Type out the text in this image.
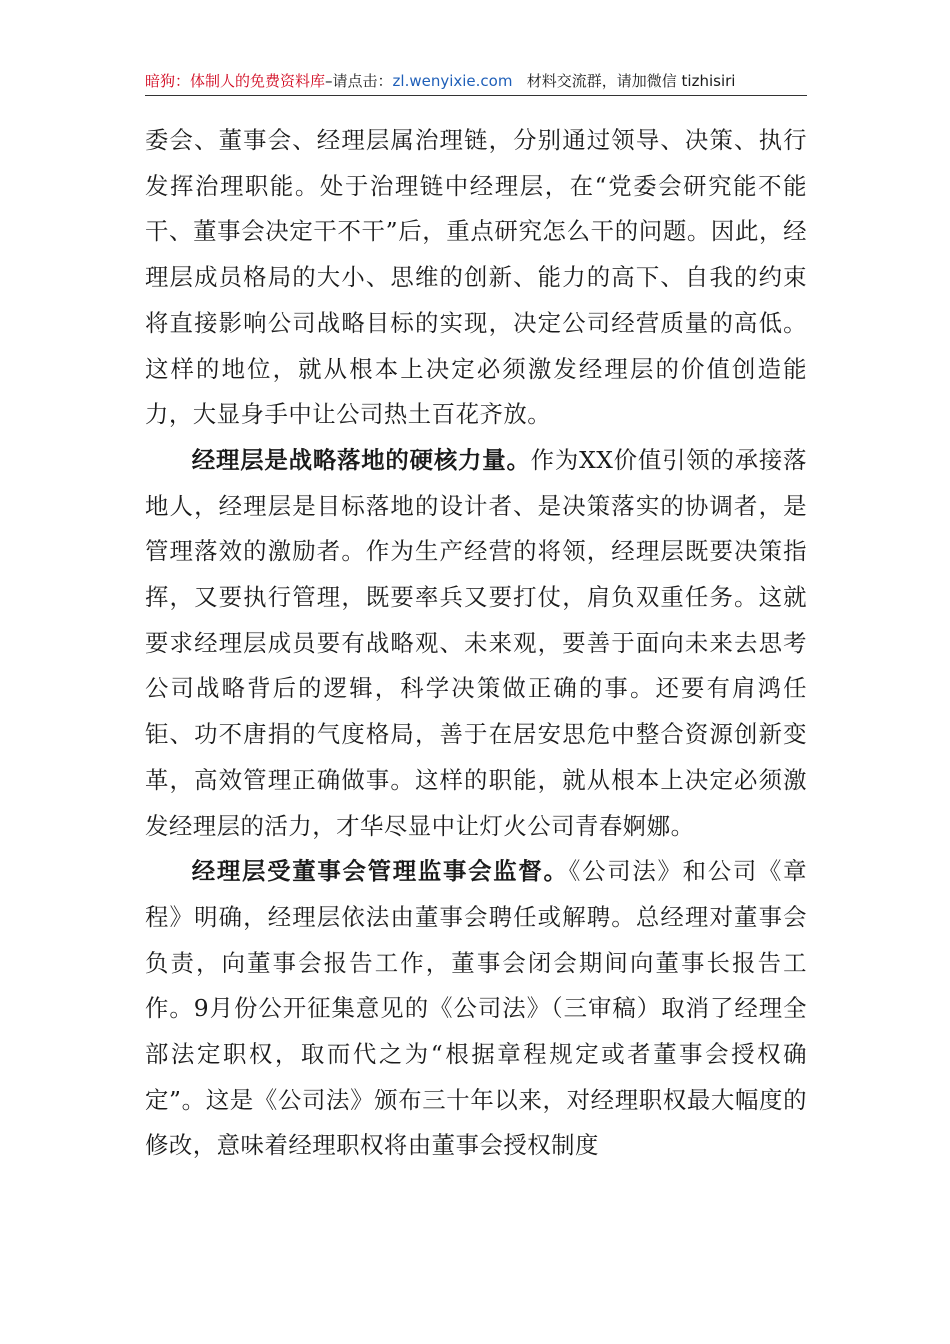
暗狗：体制人的免费资料库–请点击：zl.wenyixie.com 材料交流群，请加微信 tizhisiri

委会、董事会、经理层属治理链，分别通过领导、决策、执行发挥治理职能。处于治理链中经理层，在“党委会研究能不能干、董事会决定干不干”后，重点研究怎么干的问题。因此，经理层成员格局的大小、思维的创新、能力的高下、自我的约束将直接影响公司战略目标的实现，决定公司经营质量的高低。这样的地位，就从根本上决定必须激发经理层的价值创造能力，大显身手中让公司热土百花齐放。

经理层是战略落地的硬核力量。作为XX价值引领的承接落地人，经理层是目标落地的设计者、是决策落实的协调者，是管理落效的激励者。作为生产经营的将领，经理层既要决策指挥，又要执行管理，既要率兵又要打仗，肩负双重任务。这就要求经理层成员要有战略观、未来观，要善于面向未来去思考公司战略背后的逻辑，科学决策做正确的事。还要有肩鸿任钜、功不唐捐的气度格局，善于在居安思危中整合资源创新变革，高效管理正确做事。这样的职能，就从根本上决定必须激发经理层的活力，才华尽显中让灯火公司青春婀娜。

经理层受董事会管理监事会监督。《公司法》和公司《章程》明确，经理层依法由董事会聘任或解聘。总经理对董事会负责，向董事会报告工作，董事会闭会期间向董事长报告工作。9月份公开征集意见的《公司法》（三审稿）取消了经理全部法定职权，取而代之为“根据章程规定或者董事会授权确定”。这是《公司法》颁布三十年以来，对经理职权最大幅度的修改，意味着经理职权将由董事会授权制度
